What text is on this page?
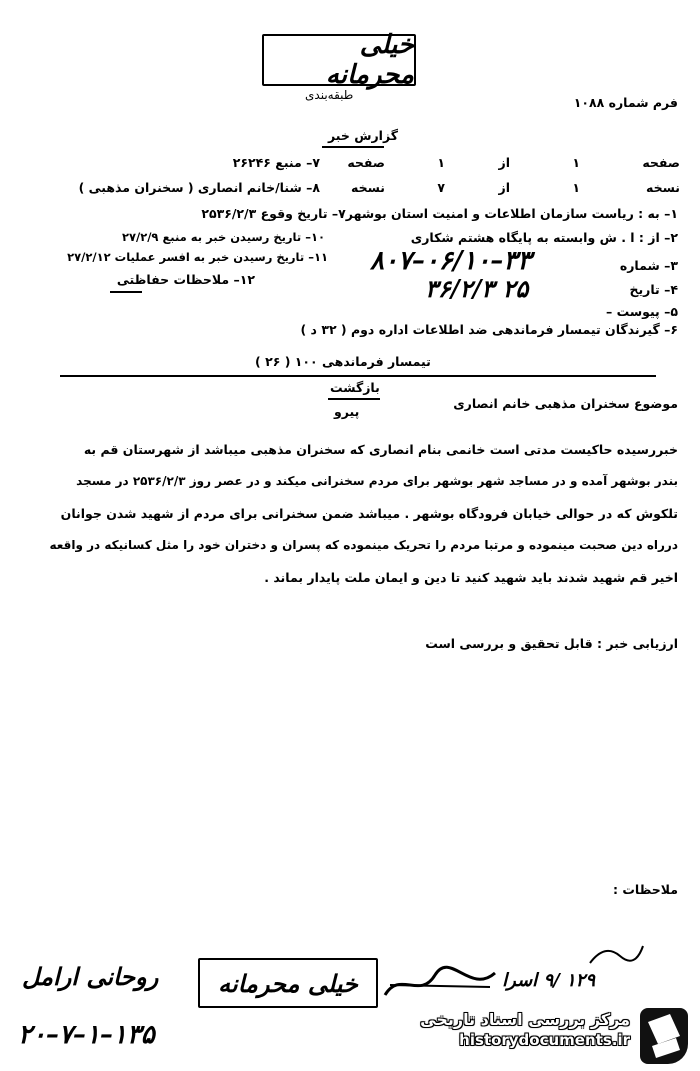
خیلی محرمانه
طبقه‌بندی	فرم شماره ۱۰۸۸
گزارش خبر
صفحه
۱
از
۱
صفحه
نسخه
۱
از
۷
نسخه
۷– منبع ۲۶۲۴۶
۸– شنا/خانم انصاری ( سخنران مذهبی )
۱– به : ریاست سازمان اطلاعات و امنیت استان بوشهر۷– تاریخ وقوع ۲۵۳۶/۲/۳
۲– از : ا . ش وابسته به پایگاه هشتم شکاری
۱۰– تاریخ رسیدن خبر به منبع ۲۷/۲/۹
۳– شماره
۸۰۷–۰۶/۱۰–۳۳
۱۱– تاریخ رسیدن خبر به افسر عملیات ۲۷/۲/۱۲
۴– تاریخ
۳۶/۲/۳ ۲۵
۱۲– ملاحظات حفاظتی
۵– پیوست –
۶– گیرندگان تیمسار فرماندهی ضد اطلاعات اداره دوم ( ۳۲ د )
تیمسار فرماندهی ۱۰۰ ( ۲۶ )
بازگشت
پیرو
موضوع سخنران مذهبی خانم انصاری
خبررسیده حاکیست مدتی است خانمی بنام انصاری که سخنران مذهبی میباشد از شهرستان قم به
بندر بوشهر آمده و در مساجد شهر بوشهر برای مردم سخنرانی میکند و در عصر روز ۲۵۳۶/۲/۳ در مسجد
تلکوش که در حوالی خیابان فرودگاه بوشهر . میباشد ضمن سخنرانی برای مردم از شهید شدن جوانان
درراه دین صحبت مینموده و مرتبا مردم را تحریک مینموده که پسران و دختران خود را مثل کسانیکه در واقعه
اخیر قم شهید شدند باید شهید کنید تا دین و ایمان ملت پایدار بماند .
ارزیابی خبر : قابل تحقیق و بررسی است
ملاحظات :
۱۲۹ /۹ اسرا
خیلی محرمانه
روحانی ارامل
۲۰–۷–۱–۱۳۵
مرکز بررسی اسناد تاریخی
historydocuments.ir
